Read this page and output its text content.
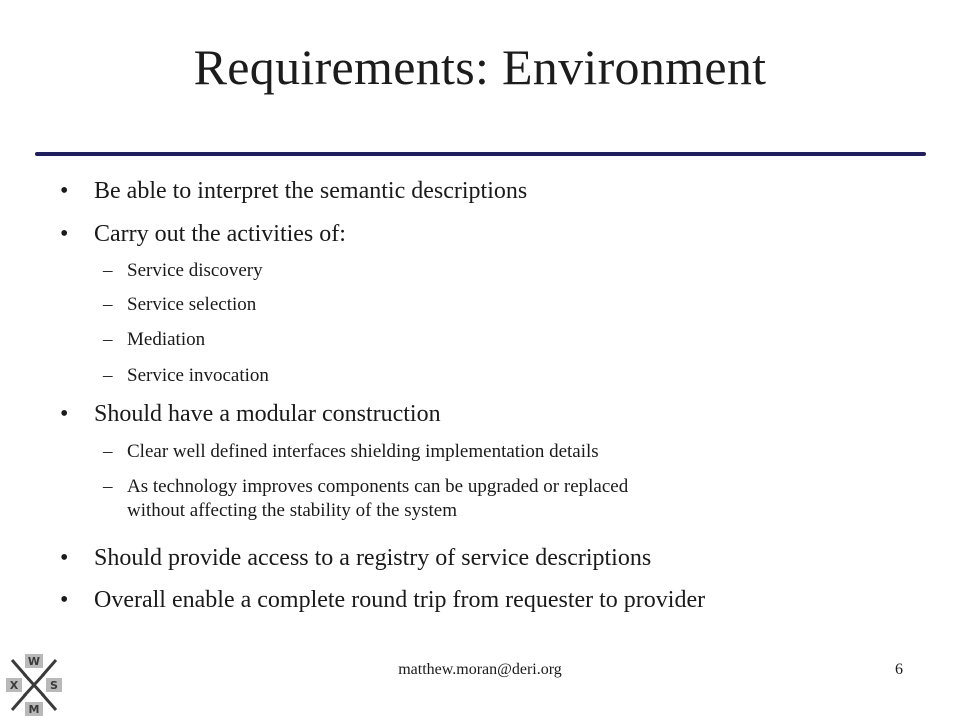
Requirements: Environment
•	Be able to interpret the semantic descriptions
•	Carry out the activities of:
– Service discovery
– Service selection
– Mediation
– Service invocation
•	Should have a modular construction
– Clear well defined interfaces shielding implementation details
– As technology improves components can be upgraded or replaced
without affecting the stability of the system
•	Should provide access to a registry of service descriptions
•	Overall enable a complete round trip from requester to provider
matthew.moran@deri.org	6
W
S
M
X
